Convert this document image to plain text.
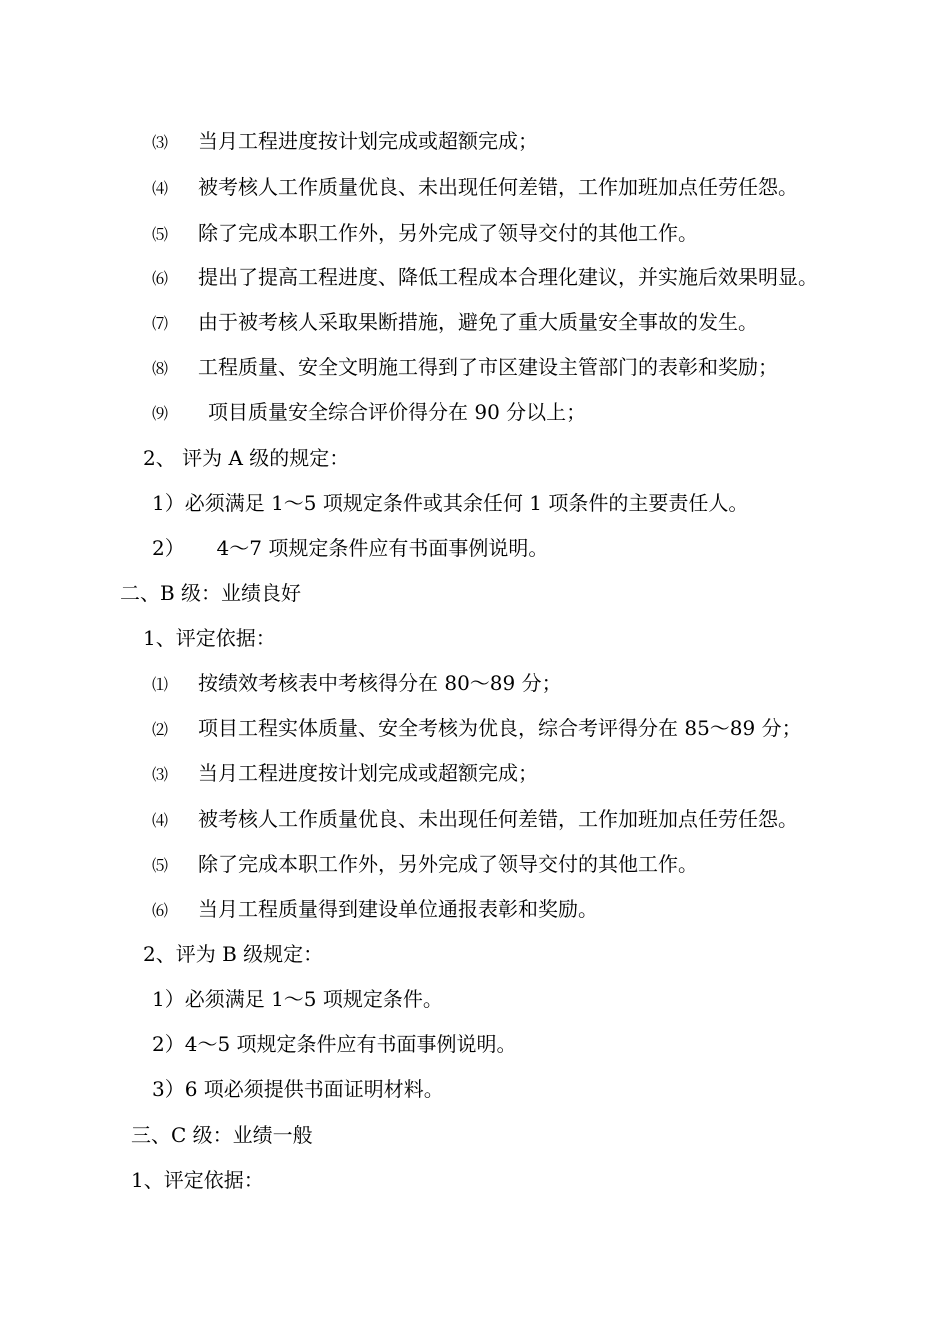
⑶ 当月工程进度按计划完成或超额完成；
⑷ 被考核人工作质量优良、未出现任何差错，工作加班加点任劳任怨。
⑸ 除了完成本职工作外，另外完成了领导交付的其他工作。
⑹ 提出了提高工程进度、降低工程成本合理化建议，并实施后效果明显。
⑺ 由于被考核人采取果断措施，避免了重大质量安全事故的发生。
⑻ 工程质量、安全文明施工得到了市区建设主管部门的表彰和奖励；
⑼ 项目质量安全综合评价得分在 90 分以上；
2、 评为 A 级的规定：
1）必须满足 1～5 项规定条件或其余任何 1 项条件的主要责任人。
2）     4～7 项规定条件应有书面事例说明。
二、B 级：业绩良好
1、评定依据：
⑴ 按绩效考核表中考核得分在 80～89 分；
⑵ 项目工程实体质量、安全考核为优良，综合考评得分在 85～89 分；
⑶ 当月工程进度按计划完成或超额完成；
⑷ 被考核人工作质量优良、未出现任何差错，工作加班加点任劳任怨。
⑸ 除了完成本职工作外，另外完成了领导交付的其他工作。
⑹ 当月工程质量得到建设单位通报表彰和奖励。
2、评为 B 级规定：
1）必须满足 1～5 项规定条件。
2）4～5 项规定条件应有书面事例说明。
3）6 项必须提供书面证明材料。
三、C 级：业绩一般
1、评定依据：
